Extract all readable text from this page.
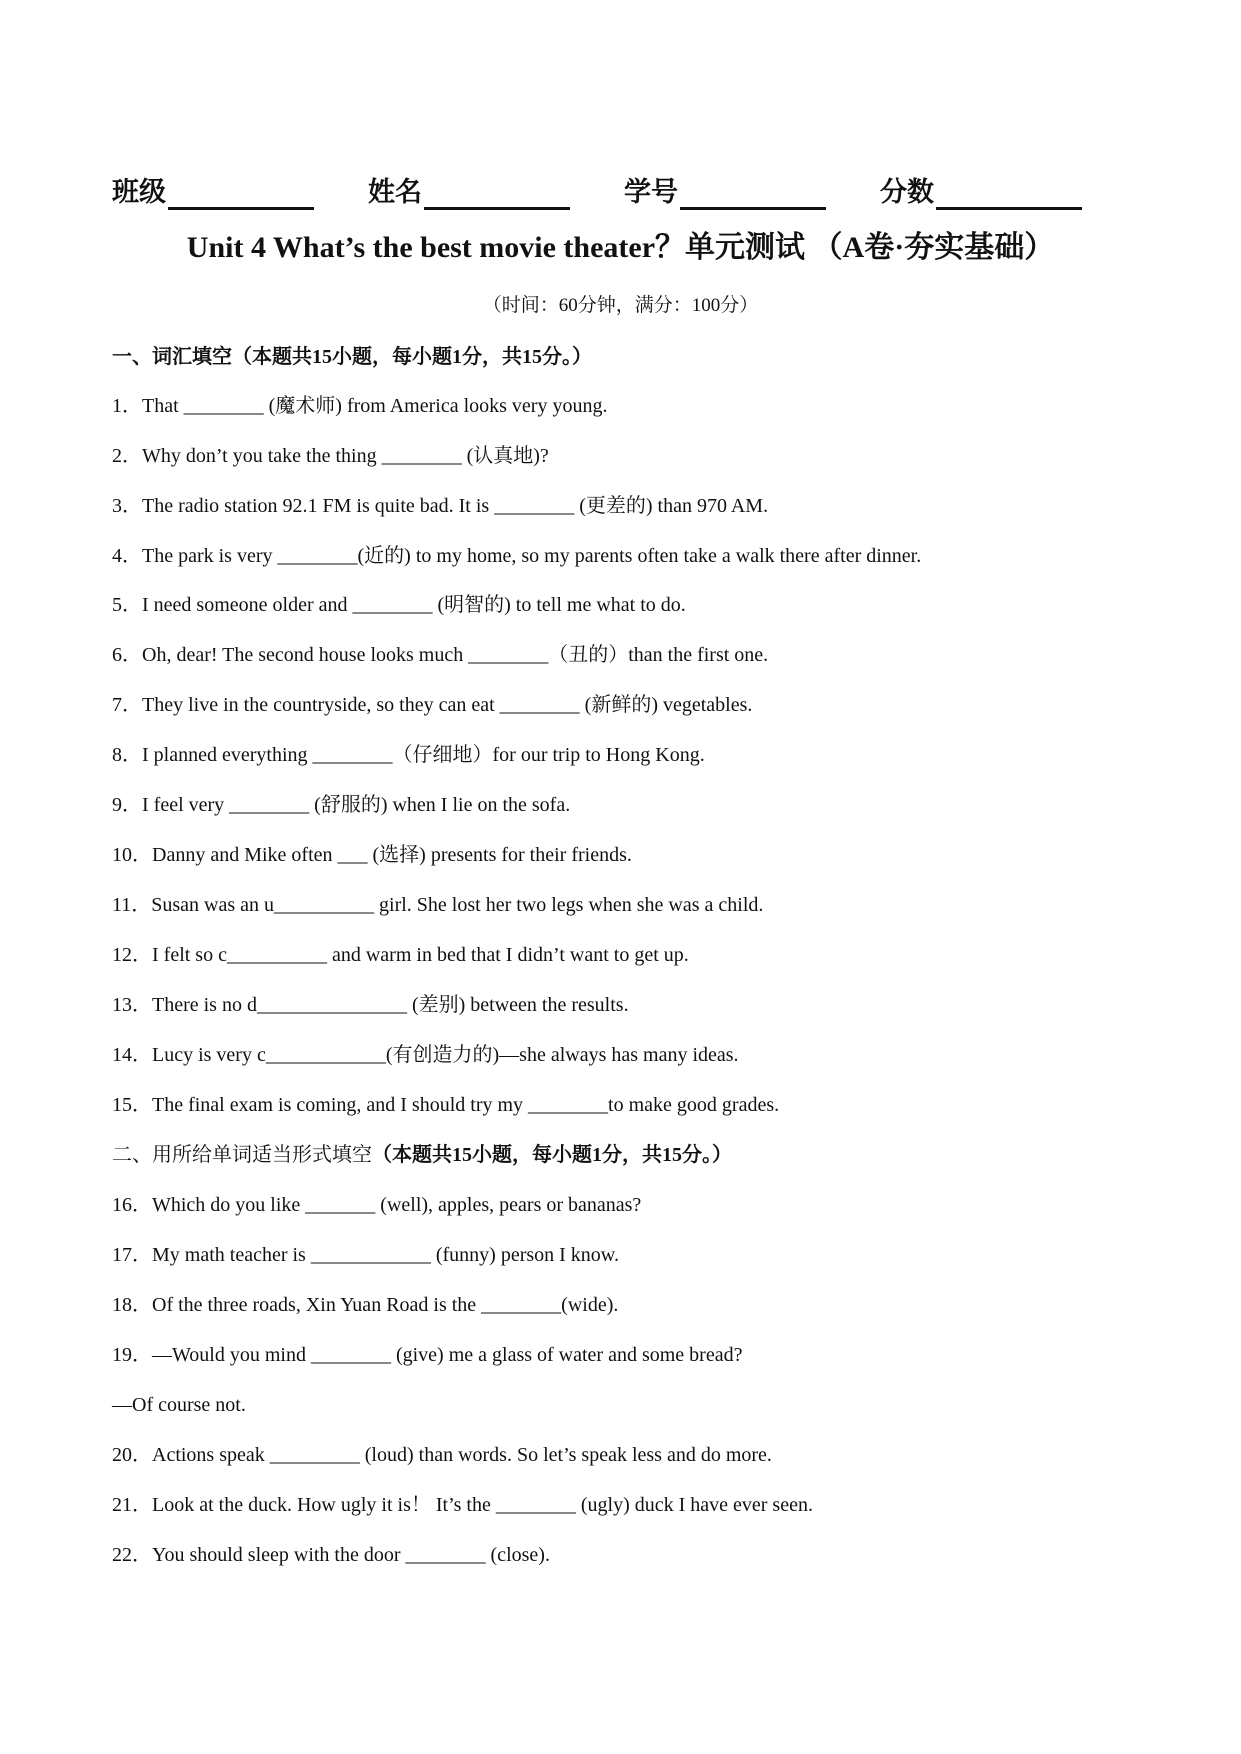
班级	姓名	学号	分数
Unit 4 What’s the best movie theater？单元测试 （A卷·夯实基础）
（时间：60分钟，满分：100分）
一、词汇填空（本题共15小题，每小题1分，共15分。）
1．That ________ (魔术师) from America looks very young.
2．Why don’t you take the thing ________ (认真地)?
3．The radio station 92.1 FM is quite bad. It is ________ (更差的) than 970 AM.
4．The park is very ________(近的) to my home, so my parents often take a walk there after dinner.
5．I need someone older and ________ (明智的) to tell me what to do.
6．Oh, dear! The second house looks much ________（丑的）than the first one.
7．They live in the countryside, so they can eat ________ (新鲜的) vegetables.
8．I planned everything ________（仔细地）for our trip to Hong Kong.
9．I feel very ________ (舒服的) when I lie on the sofa.
10．Danny and Mike often ___ (选择) presents for their friends.
11．Susan was an u__________ girl. She lost her two legs when she was a child.
12．I felt so c__________ and warm in bed that I didn’t want to get up.
13．There is no d_______________ (差别) between the results.
14．Lucy is very c____________(有创造力的)—she always has many ideas.
15．The final exam is coming, and I should try my ________to make good grades.
二、用所给单词适当形式填空（本题共15小题，每小题1分，共15分。）
16．Which do you like _______ (well), apples, pears or bananas?
17．My math teacher is ____________ (funny) person I know.
18．Of the three roads, Xin Yuan Road is the ________(wide).
19．—Would you mind ________ (give) me a glass of water and some bread?
—Of course not.
20．Actions speak _________ (loud) than words. So let’s speak less and do more.
21．Look at the duck. How ugly it is！ It’s the ________ (ugly) duck I have ever seen.
22．You should sleep with the door ________ (close).
